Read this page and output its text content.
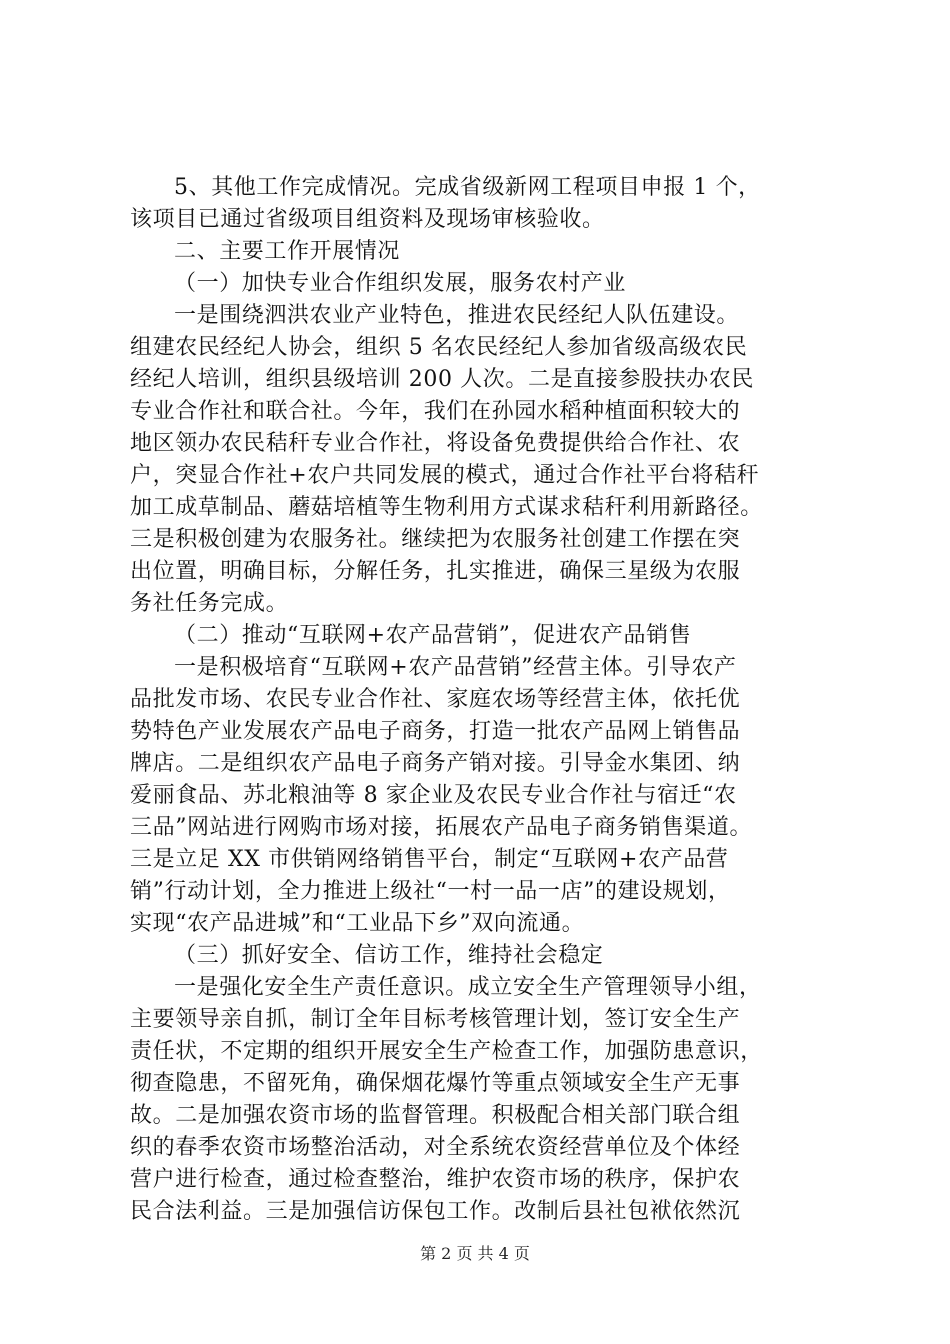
5、其他工作完成情况。完成省级新网工程项目申报 1 个，
该项目已通过省级项目组资料及现场审核验收。
二、主要工作开展情况
（一）加快专业合作组织发展，服务农村产业
一是围绕泗洪农业产业特色，推进农民经纪人队伍建设。
组建农民经纪人协会，组织 5 名农民经纪人参加省级高级农民
经纪人培训，组织县级培训 200 人次。二是直接参股扶办农民
专业合作社和联合社。今年，我们在孙园水稻种植面积较大的
地区领办农民秸秆专业合作社，将设备免费提供给合作社、农
户，突显合作社+农户共同发展的模式，通过合作社平台将秸秆
加工成草制品、蘑菇培植等生物利用方式谋求秸秆利用新路径。
三是积极创建为农服务社。继续把为农服务社创建工作摆在突
出位置，明确目标，分解任务，扎实推进，确保三星级为农服
务社任务完成。
（二）推动“互联网+农产品营销”，促进农产品销售
一是积极培育“互联网+农产品营销”经营主体。引导农产
品批发市场、农民专业合作社、家庭农场等经营主体，依托优
势特色产业发展农产品电子商务，打造一批农产品网上销售品
牌店。二是组织农产品电子商务产销对接。引导金水集团、纳
爱丽食品、苏北粮油等 8 家企业及农民专业合作社与宿迁“农
三品”网站进行网购市场对接，拓展农产品电子商务销售渠道。
三是立足 XX 市供销网络销售平台，制定“互联网+农产品营
销”行动计划，全力推进上级社“一村一品一店”的建设规划，
实现“农产品进城”和“工业品下乡”双向流通。
（三）抓好安全、信访工作，维持社会稳定
一是强化安全生产责任意识。成立安全生产管理领导小组，
主要领导亲自抓，制订全年目标考核管理计划，签订安全生产
责任状，不定期的组织开展安全生产检查工作，加强防患意识，
彻查隐患，不留死角，确保烟花爆竹等重点领域安全生产无事
故。二是加强农资市场的监督管理。积极配合相关部门联合组
织的春季农资市场整治活动，对全系统农资经营单位及个体经
营户进行检查，通过检查整治，维护农资市场的秩序，保护农
民合法利益。三是加强信访保包工作。改制后县社包袱依然沉
第 2 页 共 4 页
